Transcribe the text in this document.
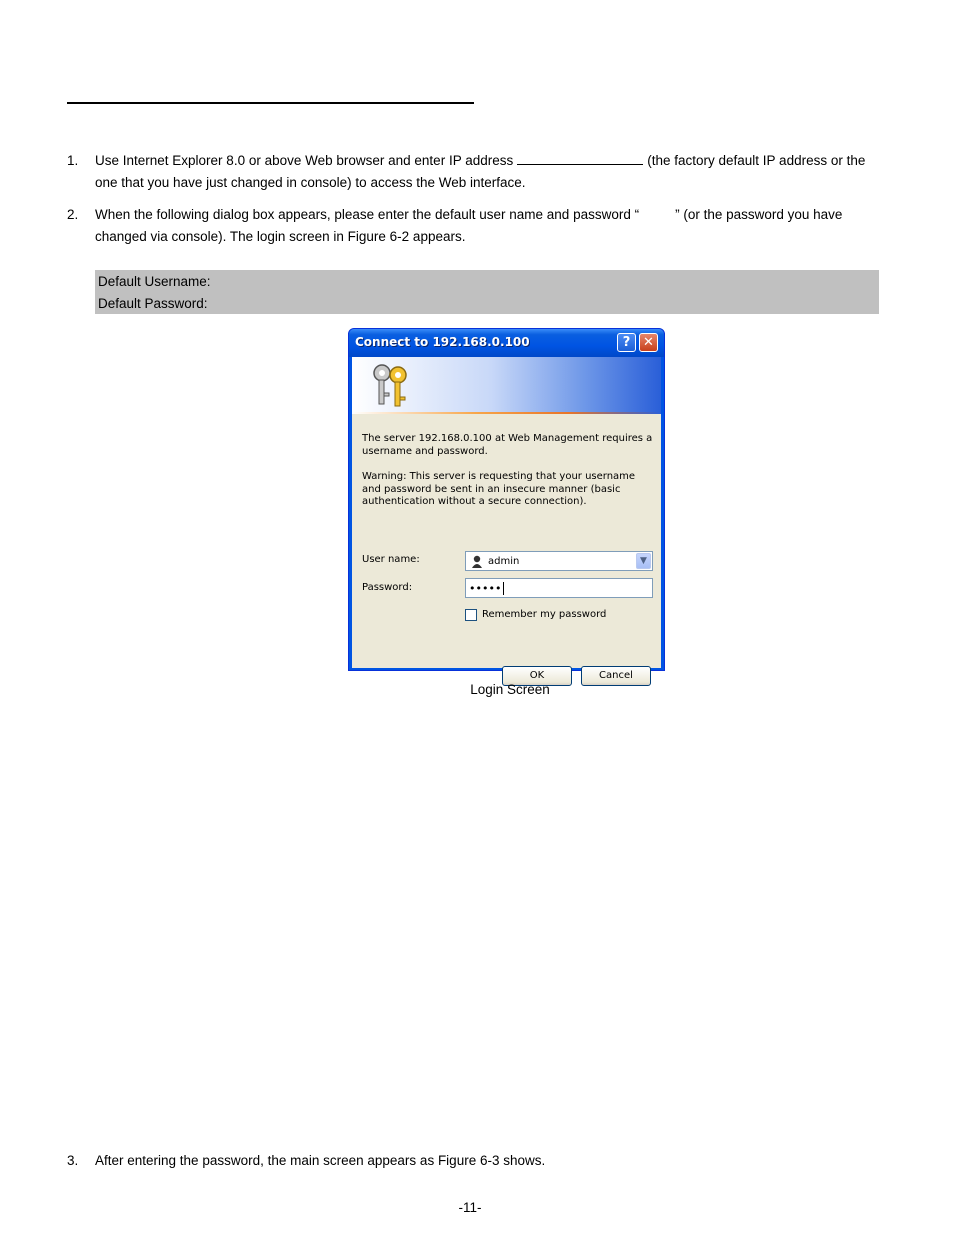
1. Use Internet Explorer 8.0 or above Web browser and enter IP address	(the factory default IP address or the one that you have just changed in console) to access the Web interface.
2. When the following dialog box appears, please enter the default user name and password “	” (or the password you have changed via console). The login screen in Figure 6-2 appears.
Default Username:
Default Password:
Connect to 192.168.0.100	? ✕
The server 192.168.0.100 at Web Management requires a username and password.
Warning: This server is requesting that your username and password be sent in an insecure manner (basic authentication without a secure connection).
User name:	admin	▼
Password:	•••••
Remember my password
OK	Cancel
Login Screen
3. After entering the password, the main screen appears as Figure 6-3 shows.
-11-
